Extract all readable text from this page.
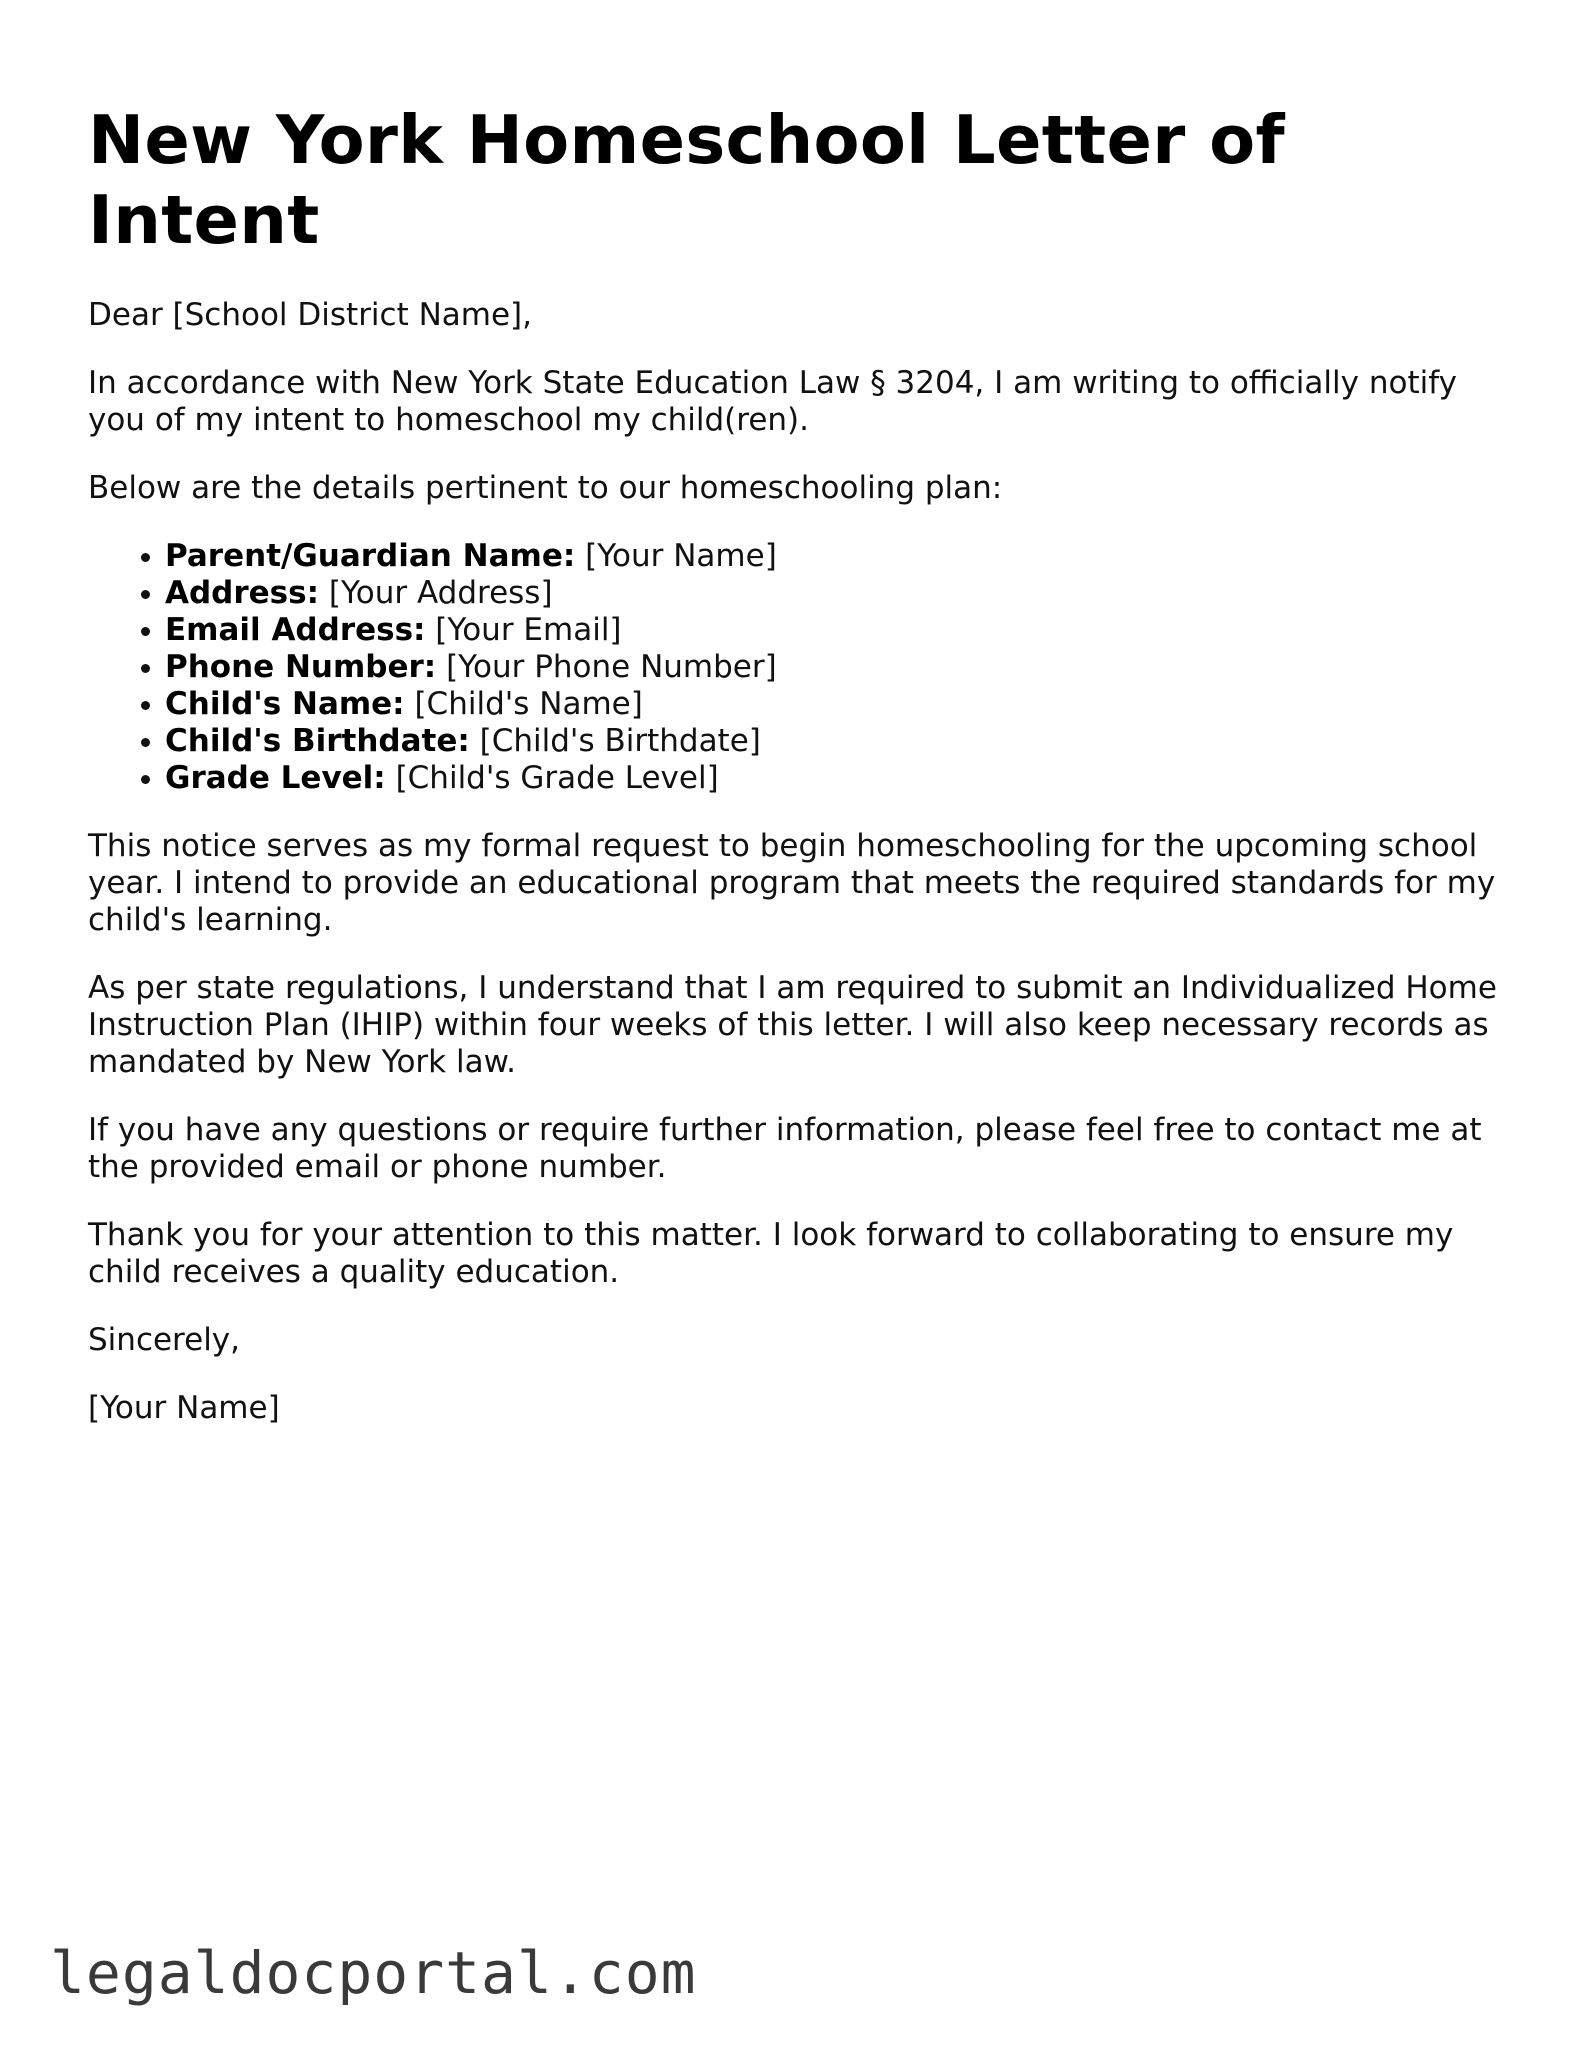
New York Homeschool Letter of Intent

Dear [School District Name],

In accordance with New York State Education Law § 3204, I am writing to officially notify you of my intent to homeschool my child(ren).

Below are the details pertinent to our homeschooling plan:

• Parent/Guardian Name: [Your Name]
• Address: [Your Address]
• Email Address: [Your Email]
• Phone Number: [Your Phone Number]
• Child's Name: [Child's Name]
• Child's Birthdate: [Child's Birthdate]
• Grade Level: [Child's Grade Level]

This notice serves as my formal request to begin homeschooling for the upcoming school year. I intend to provide an educational program that meets the required standards for my child's learning.

As per state regulations, I understand that I am required to submit an Individualized Home Instruction Plan (IHIP) within four weeks of this letter. I will also keep necessary records as mandated by New York law.

If you have any questions or require further information, please feel free to contact me at the provided email or phone number.

Thank you for your attention to this matter. I look forward to collaborating to ensure my child receives a quality education.

Sincerely,

[Your Name]

legaldocportal.com
